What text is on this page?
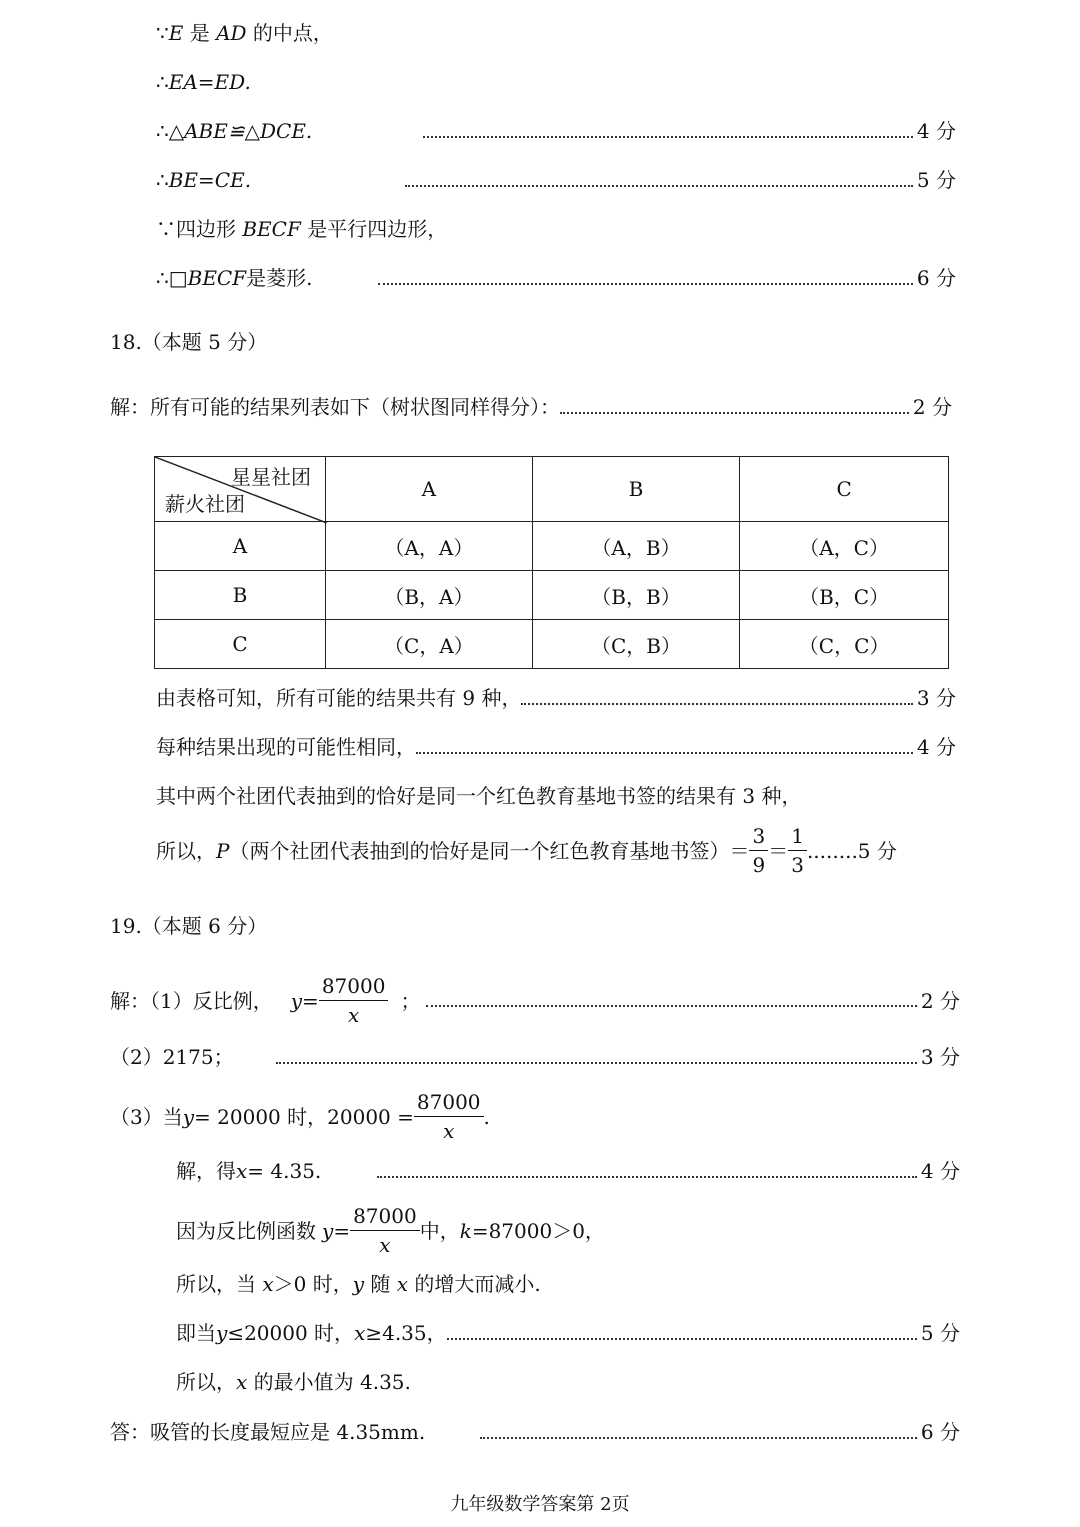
∵E 是 AD 的中点，
∴EA=ED.
∴ △ABE≌△DCE.	4 分
∴ BE=CE.	5 分
∵四边形 BECF 是平行四边形，
∴ □BECF 是菱形.	6 分
18.（本题 5 分）
解：所有可能的结果列表如下（树状图同样得分）：	2 分
星星社团
薪火社团	A	B	C
A	（A，A）	（A，B）	（A，C）
B	（B，A）	（B，B）	（B，C）
C	（C，A）	（C，B）	（C，C）
由表格可知，所有可能的结果共有 9 种，	3 分
每种结果出现的可能性相同，	4 分
其中两个社团代表抽到的恰好是同一个红色教育基地书签的结果有 3 种，
所以， P （两个社团代表抽到的恰好是同一个红色教育基地书签）＝ $\frac{3}{9} = \frac{1}{3} ........5$ 分
19.（本题 6 分）
解：（1）反比例， $y = \frac{87000}{x}$ ；	2 分
（2）2175；	3 分
（3）当 y = 20000 时，$20000 = \frac{87000}{x}$ .
解，得 x = 4.35.	4 分
因为反比例函数 $y = \frac{87000}{x}$ 中， k =87000＞0，
所以，当 x＞0 时，y 随 x 的增大而减小.
即当 y ≤20000 时， x ≥4.35，	5 分
所以，x 的最小值为 4.35.
答：吸管的长度最短应是 4.35mm.	6 分
九年级数学答案第 2页
